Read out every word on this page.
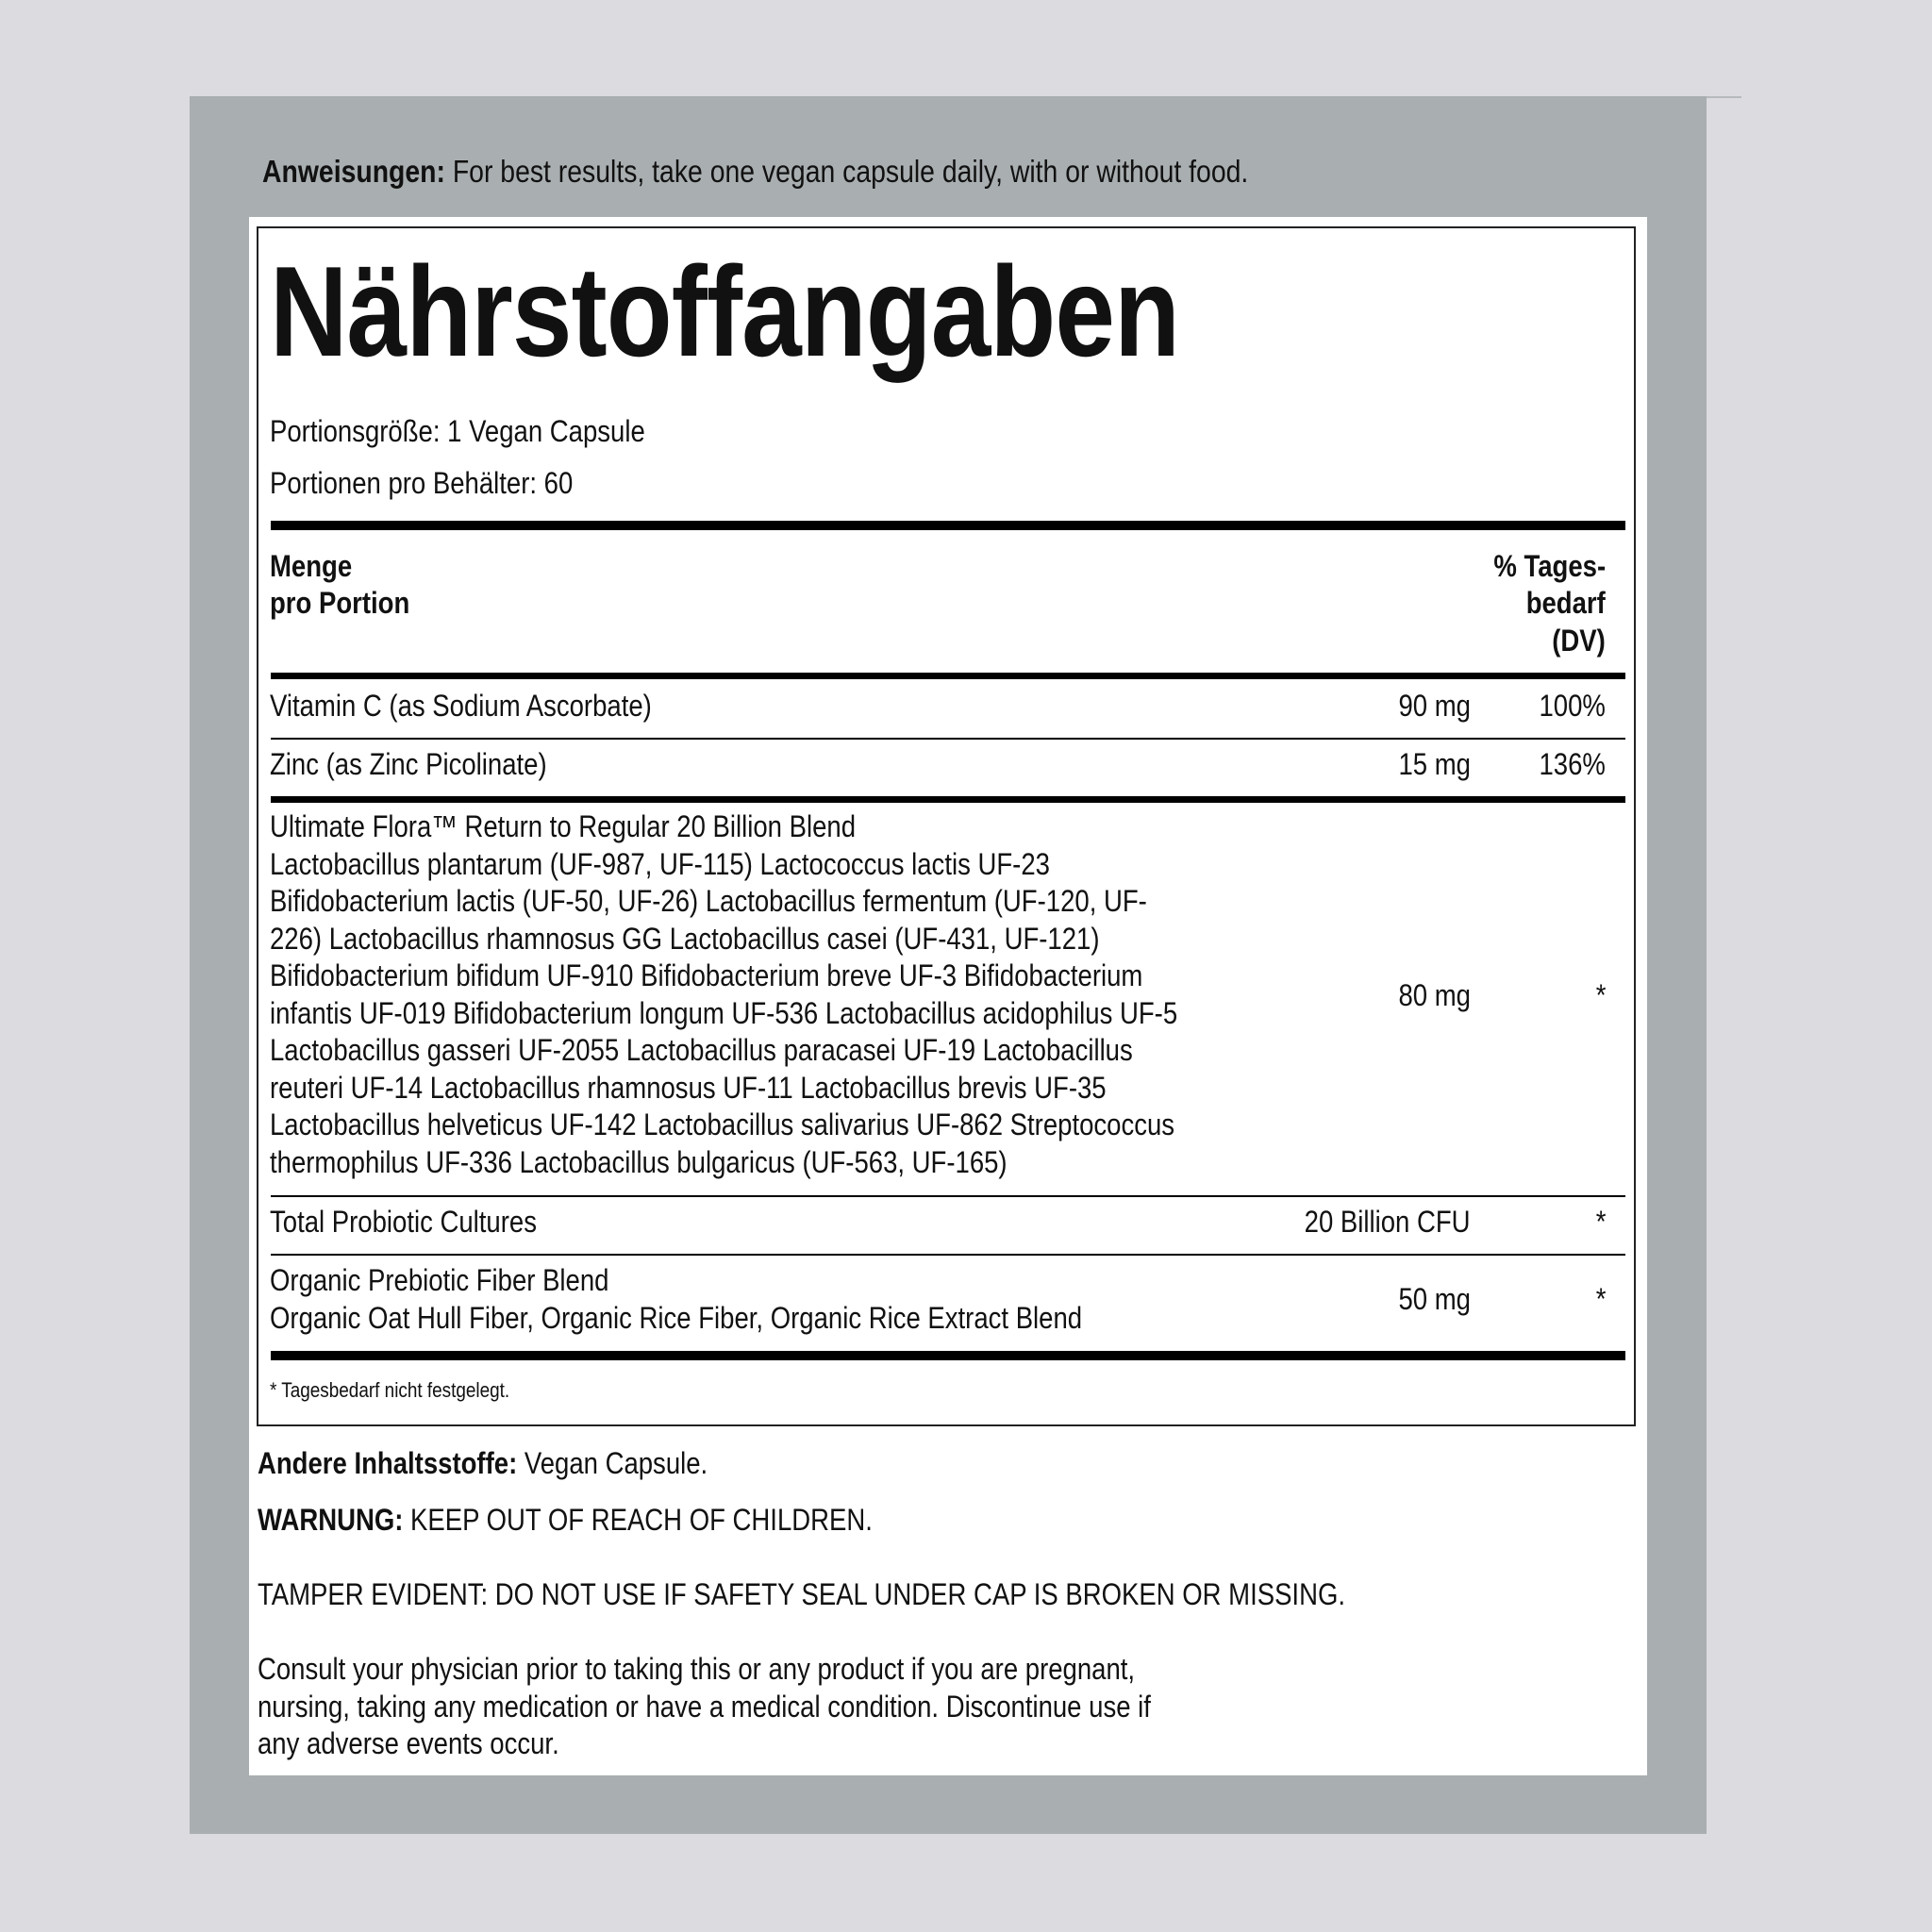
Anweisungen: For best results, take one vegan capsule daily, with or without food.
Nährstoffangaben
Portionsgröße: 1 Vegan Capsule
Portionen pro Behälter: 60
Menge
pro Portion
% Tages-
bedarf
(DV)
Vitamin C (as Sodium Ascorbate)	90 mg 100%
Zinc (as Zinc Picolinate)	15 mg 136%
Ultimate Flora™ Return to Regular 20 Billion Blend
Lactobacillus plantarum (UF-987, UF-115) Lactococcus lactis UF-23
Bifidobacterium lactis (UF-50, UF-26) Lactobacillus fermentum (UF-120, UF-
226) Lactobacillus rhamnosus GG Lactobacillus casei (UF-431, UF-121)
Bifidobacterium bifidum UF-910 Bifidobacterium breve UF-3 Bifidobacterium
infantis UF-019 Bifidobacterium longum UF-536 Lactobacillus acidophilus UF-5
Lactobacillus gasseri UF-2055 Lactobacillus paracasei UF-19 Lactobacillus
reuteri UF-14 Lactobacillus rhamnosus UF-11 Lactobacillus brevis UF-35
Lactobacillus helveticus UF-142 Lactobacillus salivarius UF-862 Streptococcus
thermophilus UF-336 Lactobacillus bulgaricus (UF-563, UF-165)
80 mg	*
Total Probiotic Cultures	20 Billion CFU	*
Organic Prebiotic Fiber Blend
Organic Oat Hull Fiber, Organic Rice Fiber, Organic Rice Extract Blend
50 mg	*
* Tagesbedarf nicht festgelegt.
Andere Inhaltsstoffe: Vegan Capsule.
WARNUNG: KEEP OUT OF REACH OF CHILDREN.
TAMPER EVIDENT: DO NOT USE IF SAFETY SEAL UNDER CAP IS BROKEN OR MISSING.
Consult your physician prior to taking this or any product if you are pregnant,
nursing, taking any medication or have a medical condition. Discontinue use if
any adverse events occur.
